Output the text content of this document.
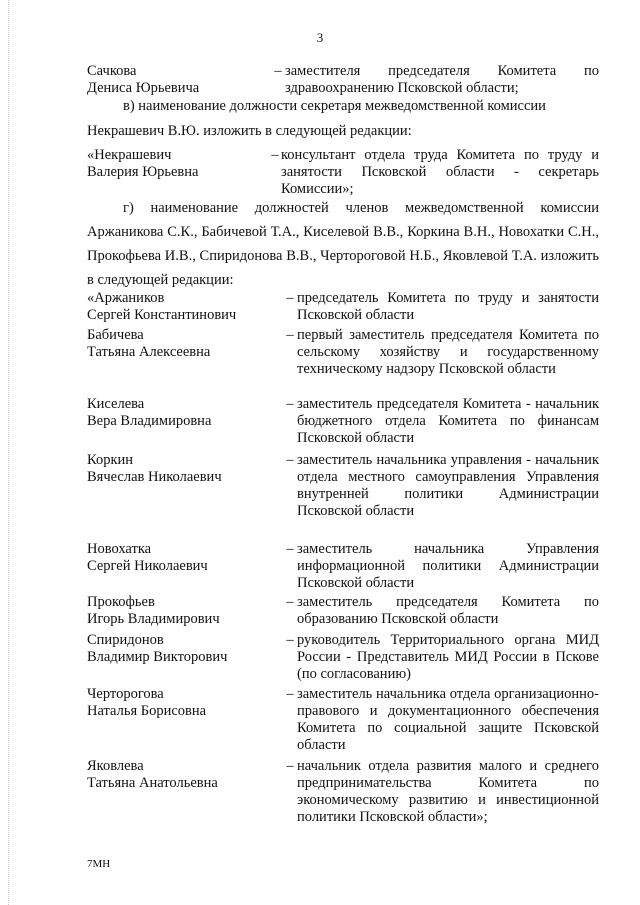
3
Сачкова
Дениса Юрьевича
– заместителя председателя Комитета по здравоохранению Псковской области;
в) наименование должности секретаря межведомственной комиссии
Некрашевич В.Ю. изложить в следующей редакции:
«Некрашевич
Валерия Юрьевна
– консультант отдела труда Комитета по труду и занятости Псковской области - секретарь Комиссии»;
г) наименование должностей членов межведомственной комиссии Аржаникова С.К., Бабичевой Т.А., Киселевой В.В., Коркина В.Н., Новохатки С.Н., Прокофьева И.В., Спиридонова В.В., Чертороговой Н.Б., Яковлевой Т.А. изложить в следующей редакции:
«Аржаников
Сергей Константинович
– председатель Комитета по труду и занятости Псковской области
Бабичева
Татьяна Алексеевна
– первый заместитель председателя Комитета по сельскому хозяйству и государственному техническому надзору Псковской области
Киселева
Вера Владимировна
– заместитель председателя Комитета - начальник бюджетного отдела Комитета по финансам Псковской области
Коркин
Вячеслав Николаевич
– заместитель начальника управления - начальник отдела местного самоуправления Управления внутренней политики Администрации Псковской области
Новохатка
Сергей Николаевич
– заместитель начальника Управления информационной политики Администрации Псковской области
Прокофьев
Игорь Владимирович
– заместитель председателя Комитета по образованию Псковской области
Спиридонов
Владимир Викторович
– руководитель Территориального органа МИД России - Представитель МИД России в Пскове (по согласованию)
Черторогова
Наталья Борисовна
– заместитель начальника отдела организационно-правового и документационного обеспечения Комитета по социальной защите Псковской области
Яковлева
Татьяна Анатольевна
– начальник отдела развития малого и среднего предпринимательства Комитета по экономическому развитию и инвестиционной политики Псковской области»;
7МН
